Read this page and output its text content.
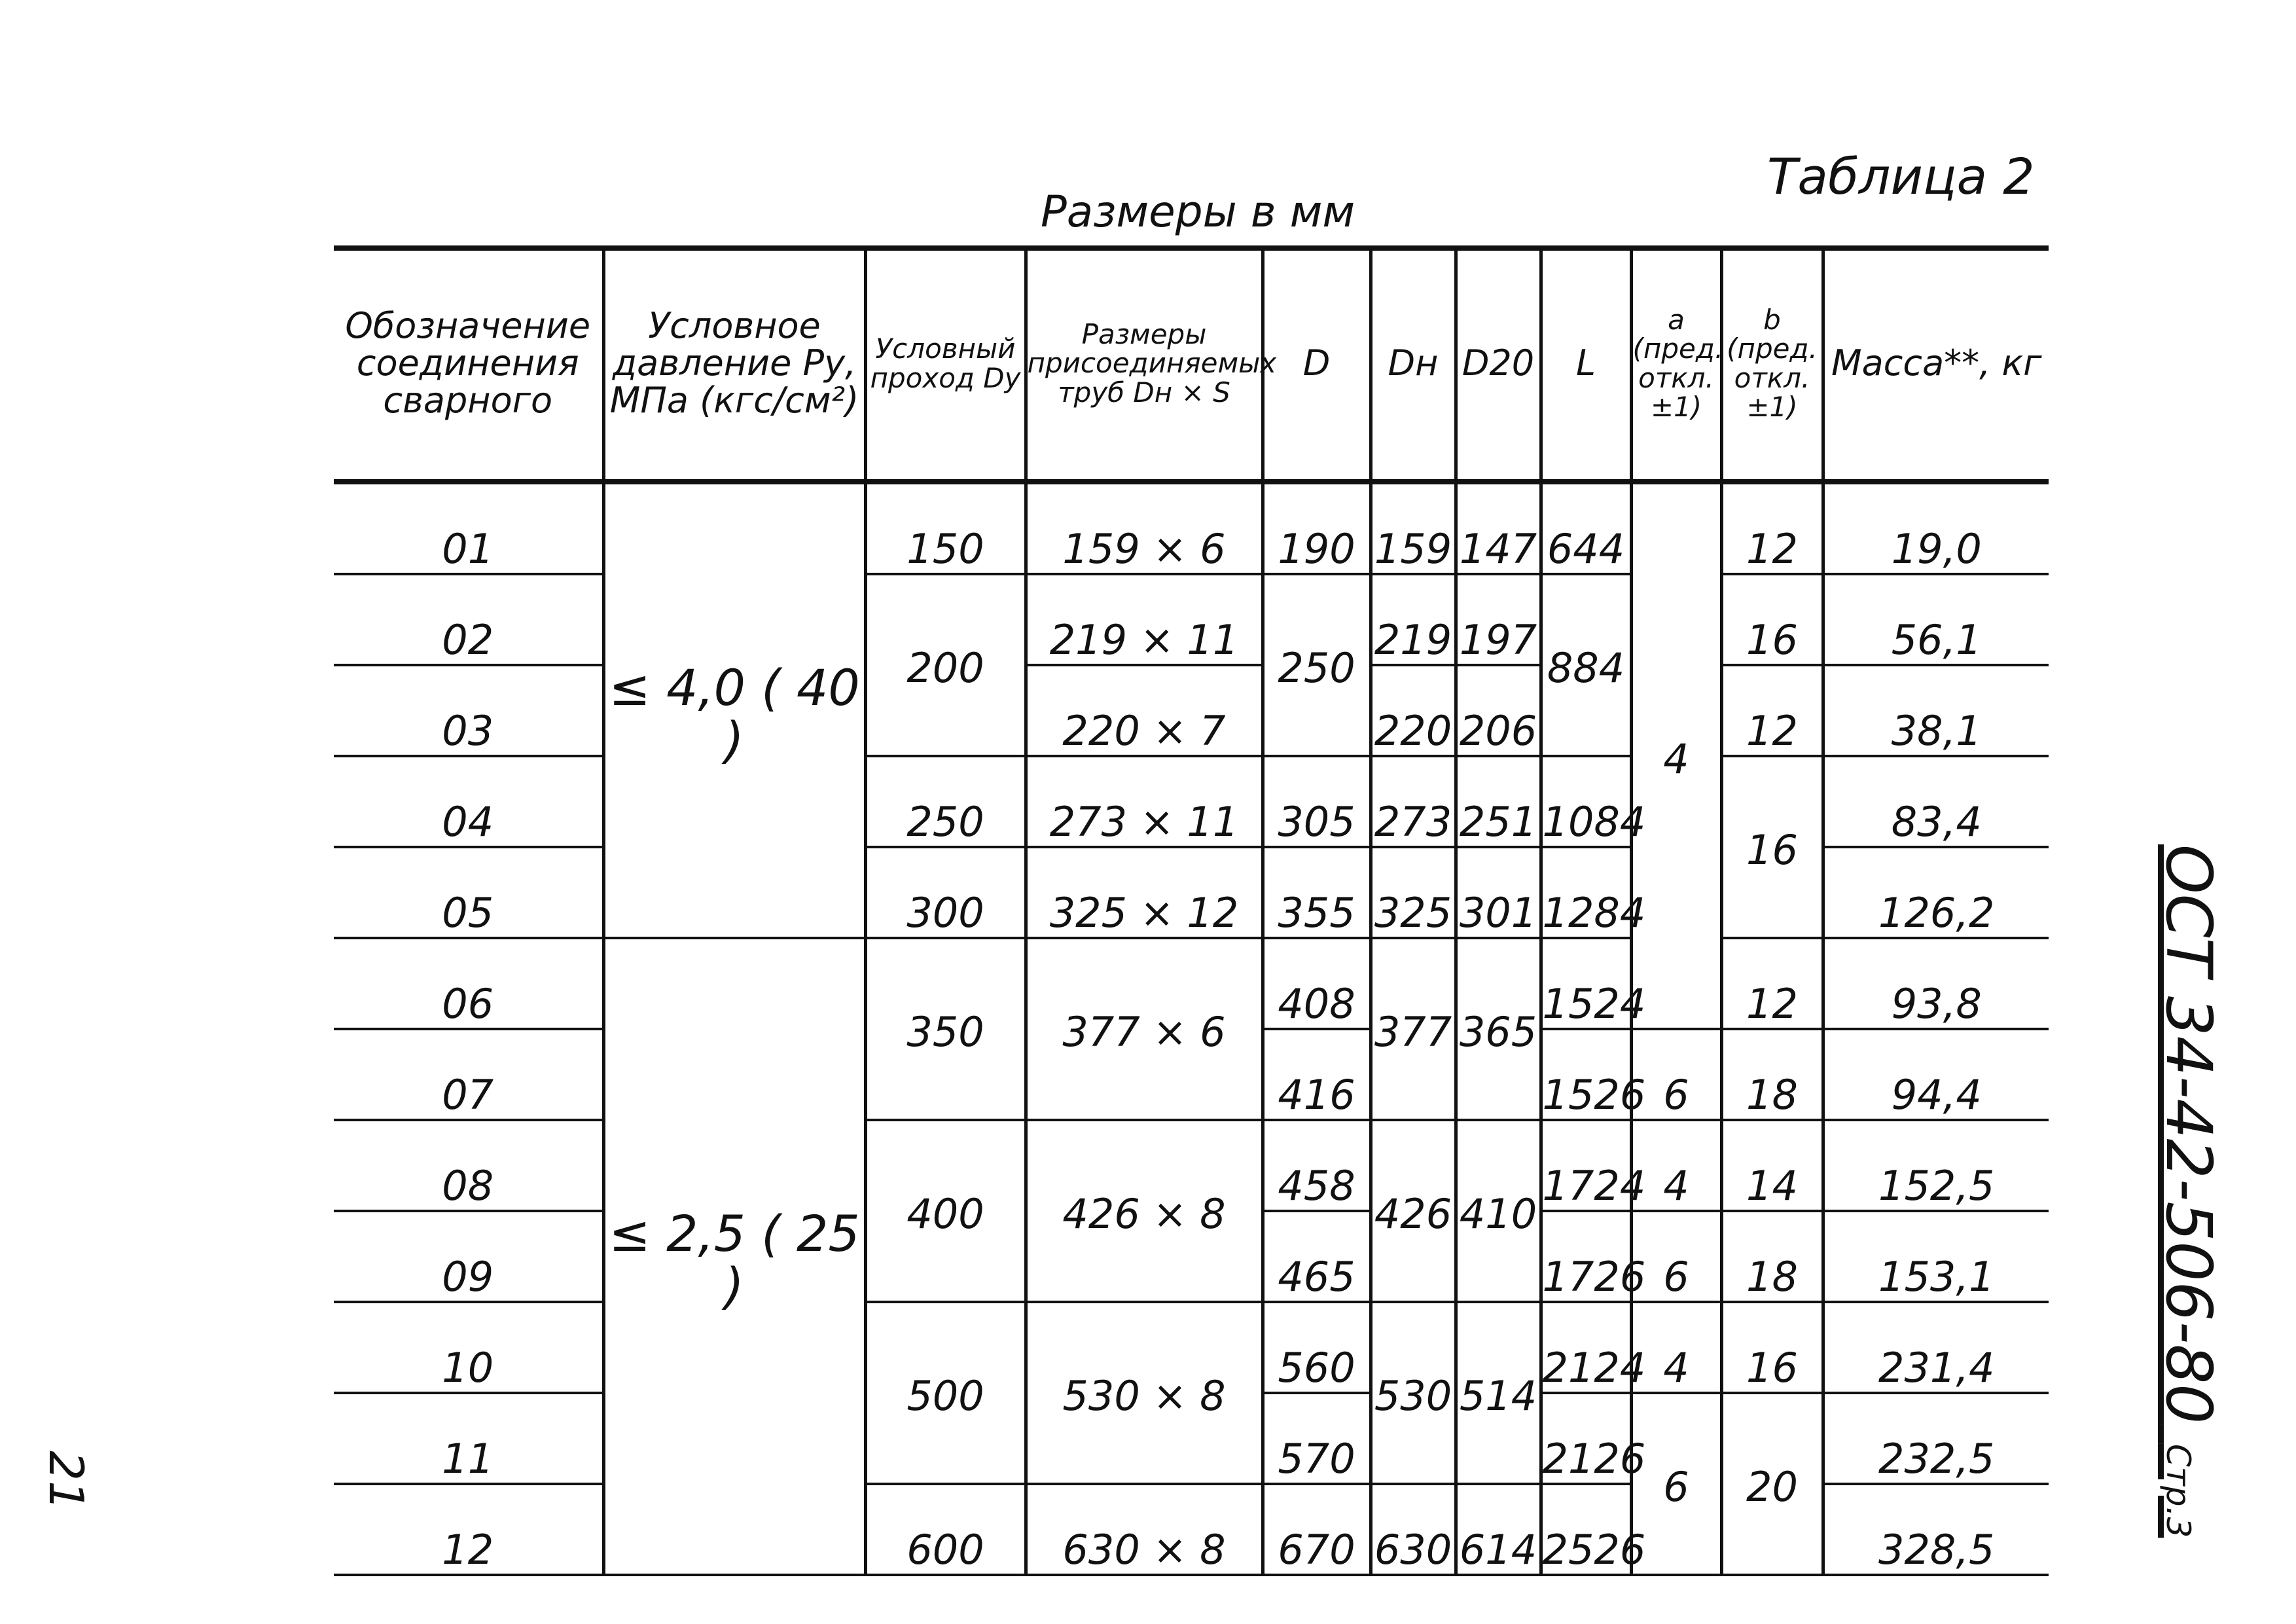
Таблица 2
Размеры в мм
Обозначение соединения сварного	Условное давление Pу, МПа (кгс/см²)	Условный проход Dу	Размеры присоединяемых труб Dн × S	D	Dн	D20	L	a (пред. откл. ±1)	b (пред. откл. ±1)	Масса**, кг
01	≤ 4,0 ( 40 )	150	159 × 6	190	159	147	644	4	12	19,0
02		200	219 × 11	250	219	197	884		16	56,1
03			220 × 7		220	206			12	38,1
04		250	273 × 11	305	273	251	1084		16	83,4
05		300	325 × 12	355	325	301	1284			126,2
06	≤ 2,5 ( 25 )	350	377 × 6	408	377	365	1524		12	93,8
07				416			1526	6	18	94,4
08		400	426 × 8	458	426	410	1724	4	14	152,5
09				465			1726	6	18	153,1
10		500	530 × 8	560	530	514	2124	4	16	231,4
11				570			2126	6	20	232,5
12		600	630 × 8	670	630	614	2526			328,5
ОСТ 34-42-506-80 Стр.3
21
